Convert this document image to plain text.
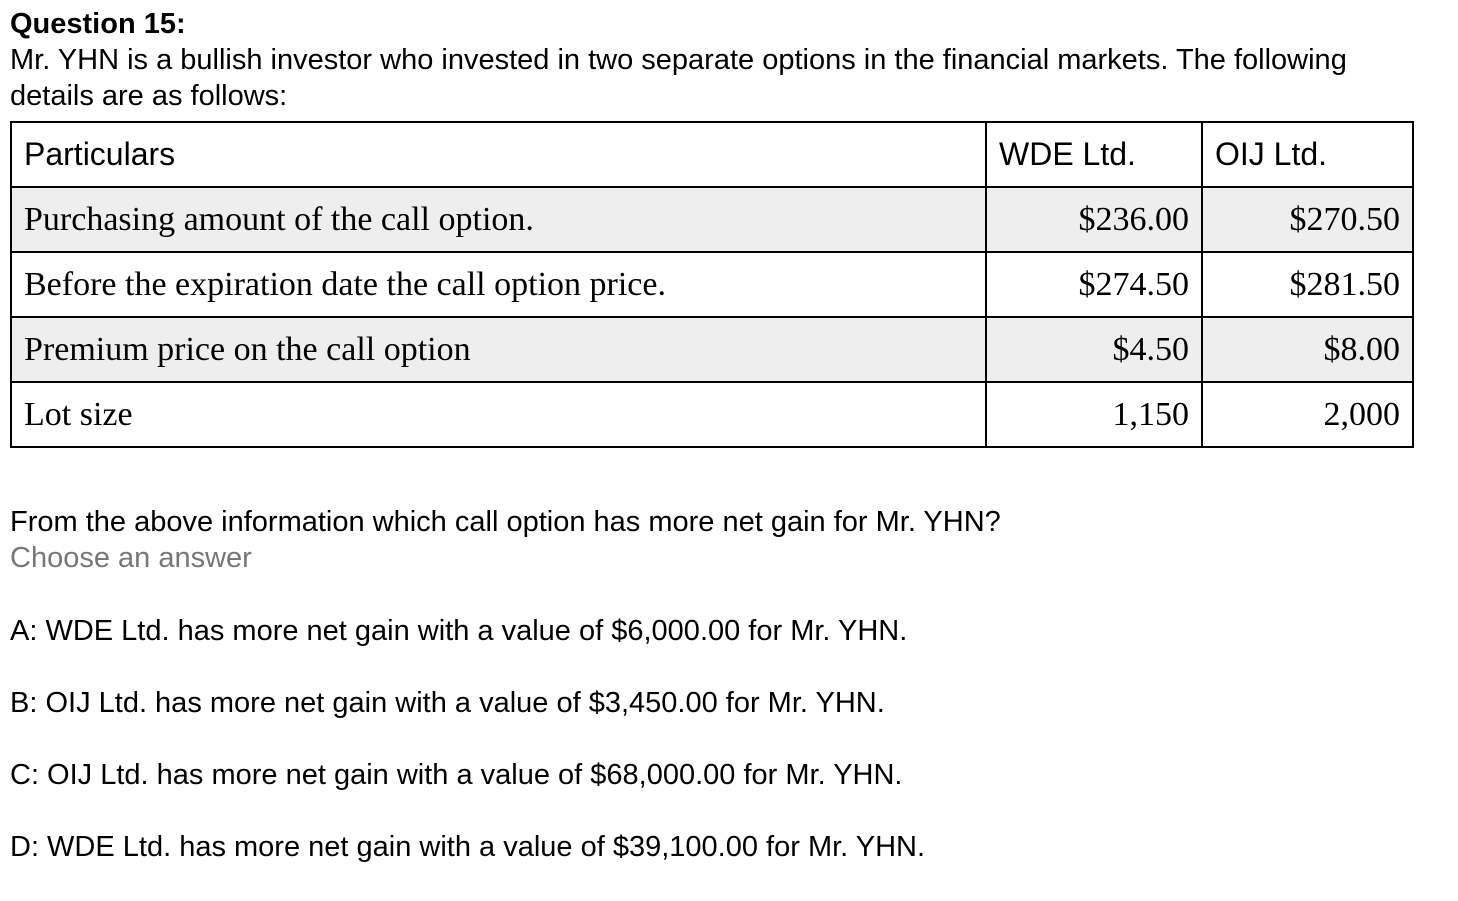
Question 15:

Mr. YHN is a bullish investor who invested in two separate options in the financial markets. The following details are as follows:

Particulars	WDE Ltd.	OIJ Ltd.
Purchasing amount of the call option.	$236.00	$270.50
Before the expiration date the call option price.	$274.50	$281.50
Premium price on the call option	$4.50	$8.00
Lot size	1,150	2,000
From the above information which call option has more net gain for Mr. YHN?
Choose an answer
A: WDE Ltd. has more net gain with a value of $6,000.00 for Mr. YHN.
B: OIJ Ltd. has more net gain with a value of $3,450.00 for Mr. YHN.
C: OIJ Ltd. has more net gain with a value of $68,000.00 for Mr. YHN.
D: WDE Ltd. has more net gain with a value of $39,100.00 for Mr. YHN.
